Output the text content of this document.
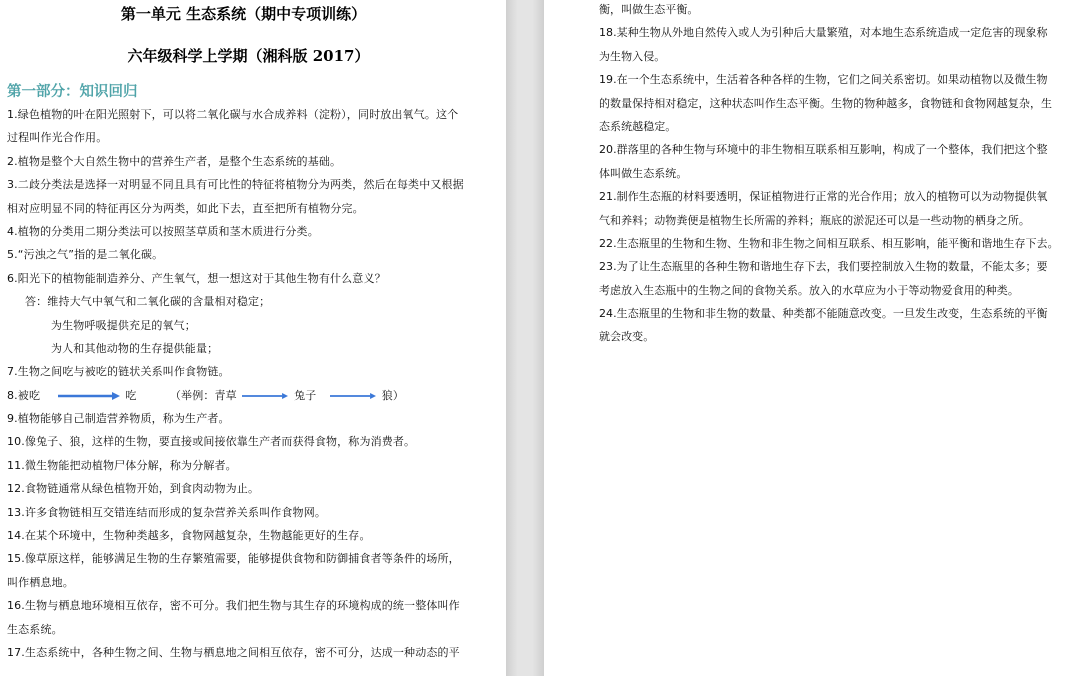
第一单元 生态系统（期中专项训练）
六年级科学上学期（湘科版 2017）
第一部分：知识回归
1.绿色植物的叶在阳光照射下，可以将二氧化碳与水合成养料（淀粉），同时放出氧气。这个
过程叫作光合作用。
2.植物是整个大自然生物中的营养生产者，是整个生态系统的基础。
3.二歧分类法是选择一对明显不同且具有可比性的特征将植物分为两类，然后在每类中又根据
相对应明显不同的特征再区分为两类，如此下去，直至把所有植物分完。
4.植物的分类用二期分类法可以按照茎草质和茎木质进行分类。
5.“污浊之气”指的是二氧化碳。
6.阳光下的植物能制造养分、产生氧气，想一想这对于其他生物有什么意义？
答：维持大气中氧气和二氧化碳的含量相对稳定；
为生物呼吸提供充足的氧气；
为人和其他动物的生存提供能量；
7.生物之间吃与被吃的链状关系叫作食物链。
8.被吃	吃	（举例：青草	兔子	狼）
9.植物能够自己制造营养物质，称为生产者。
10.像兔子、狼，这样的生物，要直接或间接依靠生产者而获得食物，称为消费者。
11.微生物能把动植物尸体分解，称为分解者。
12.食物链通常从绿色植物开始，到食肉动物为止。
13.许多食物链相互交错连结而形成的复杂营养关系叫作食物网。
14.在某个环境中，生物种类越多，食物网越复杂，生物越能更好的生存。
15.像草原这样，能够满足生物的生存繁殖需要，能够提供食物和防御捕食者等条件的场所，
叫作栖息地。
16.生物与栖息地环境相互依存，密不可分。我们把生物与其生存的环境构成的统一整体叫作
生态系统。
17.生态系统中，各种生物之间、生物与栖息地之间相互依存，密不可分，达成一种动态的平
衡，叫做生态平衡。
18.某种生物从外地自然传入或人为引种后大量繁殖，对本地生态系统造成一定危害的现象称
为生物入侵。
19.在一个生态系统中，生活着各种各样的生物，它们之间关系密切。如果动植物以及微生物
的数量保持相对稳定，这种状态叫作生态平衡。生物的物种越多，食物链和食物网越复杂，生
态系统越稳定。
20.群落里的各种生物与环境中的非生物相互联系相互影响，构成了一个整体，我们把这个整
体叫做生态系统。
21.制作生态瓶的材料要透明，保证植物进行正常的光合作用；放入的植物可以为动物提供氧
气和养料；动物粪便是植物生长所需的养料；瓶底的淤泥还可以是一些动物的栖身之所。
22.生态瓶里的生物和生物、生物和非生物之间相互联系、相互影响，能平衡和谐地生存下去。
23.为了让生态瓶里的各种生物和谐地生存下去，我们要控制放入生物的数量，不能太多；要
考虑放入生态瓶中的生物之间的食物关系。放入的水草应为小于等动物爱食用的种类。
24.生态瓶里的生物和非生物的数量、种类都不能随意改变。一旦发生改变，生态系统的平衡
就会改变。
